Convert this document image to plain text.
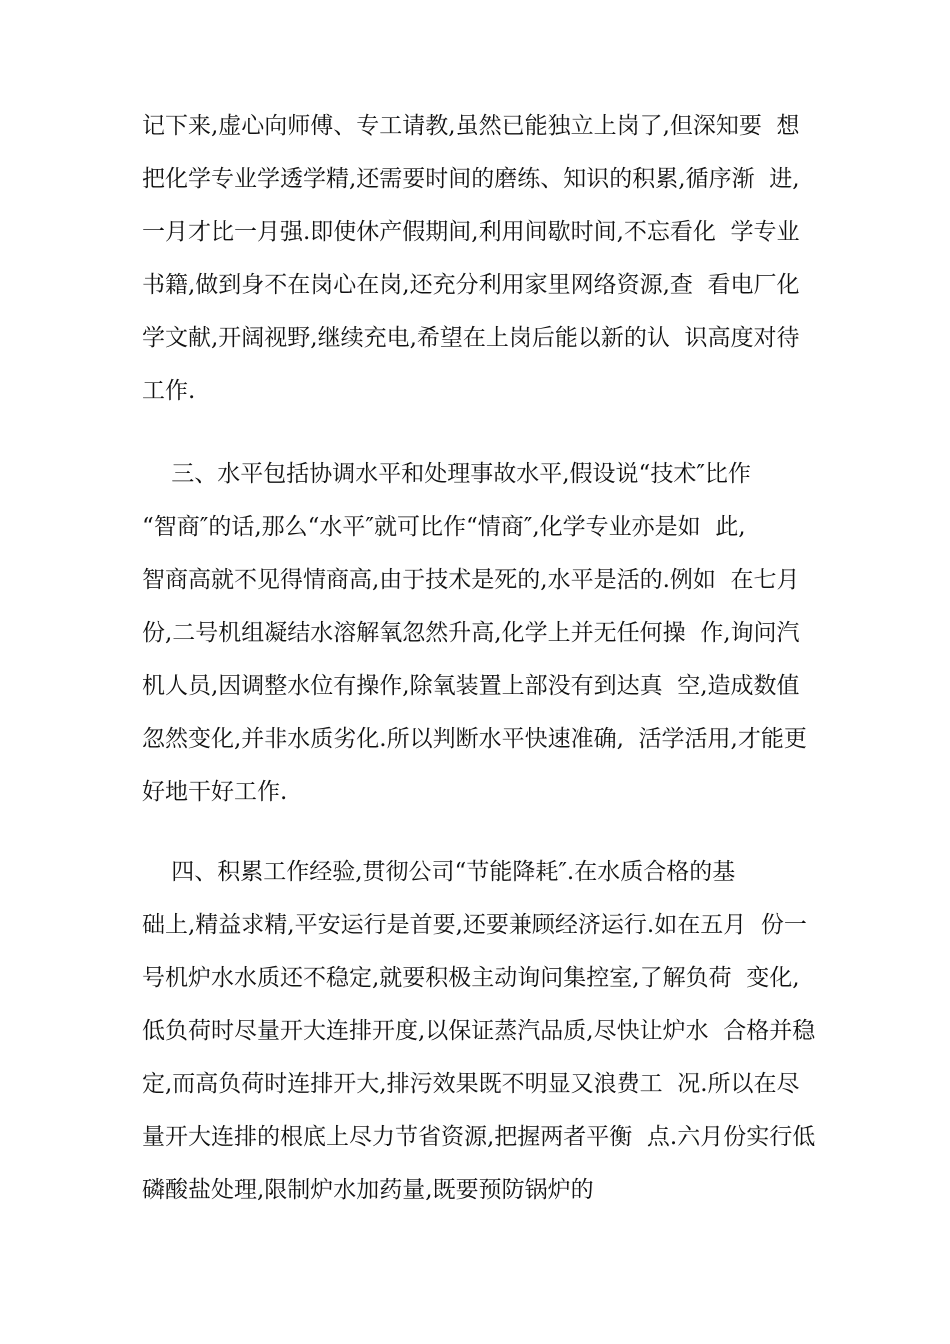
记下来,虚心向师傅、专工请教,虽然已能独立上岗了,但深知要  想
把化学专业学透学精,还需要时间的磨练、知识的积累,循序渐  进,
一月才比一月强.即使休产假期间,利用间歇时间,不忘看化  学专业
书籍,做到身不在岗心在岗,还充分利用家里网络资源,查  看电厂化
学文献,开阔视野,继续充电,希望在上岗后能以新的认  识高度对待
工作.
三、水平包括协调水平和处理事故水平,假设说“技术″比作
“智商″的话,那么“水平″就可比作“情商″,化学专业亦是如  此,
智商高就不见得情商高,由于技术是死的,水平是活的.例如  在七月
份,二号机组凝结水溶解氧忽然升高,化学上并无任何操  作,询问汽
机人员,因调整水位有操作,除氧装置上部没有到达真  空,造成数值
忽然变化,并非水质劣化.所以判断水平快速准确,  活学活用,才能更
好地干好工作.
四、积累工作经验,贯彻公司“节能降耗″.在水质合格的基
础上,精益求精,平安运行是首要,还要兼顾经济运行.如在五月  份一
号机炉水水质还不稳定,就要积极主动询问集控室,了解负荷  变化,
低负荷时尽量开大连排开度,以保证蒸汽品质,尽快让炉水  合格并稳
定,而高负荷时连排开大,排污效果既不明显又浪费工  况.所以在尽
量开大连排的根底上尽力节省资源,把握两者平衡  点.六月份实行低
磷酸盐处理,限制炉水加药量,既要预防锅炉的
